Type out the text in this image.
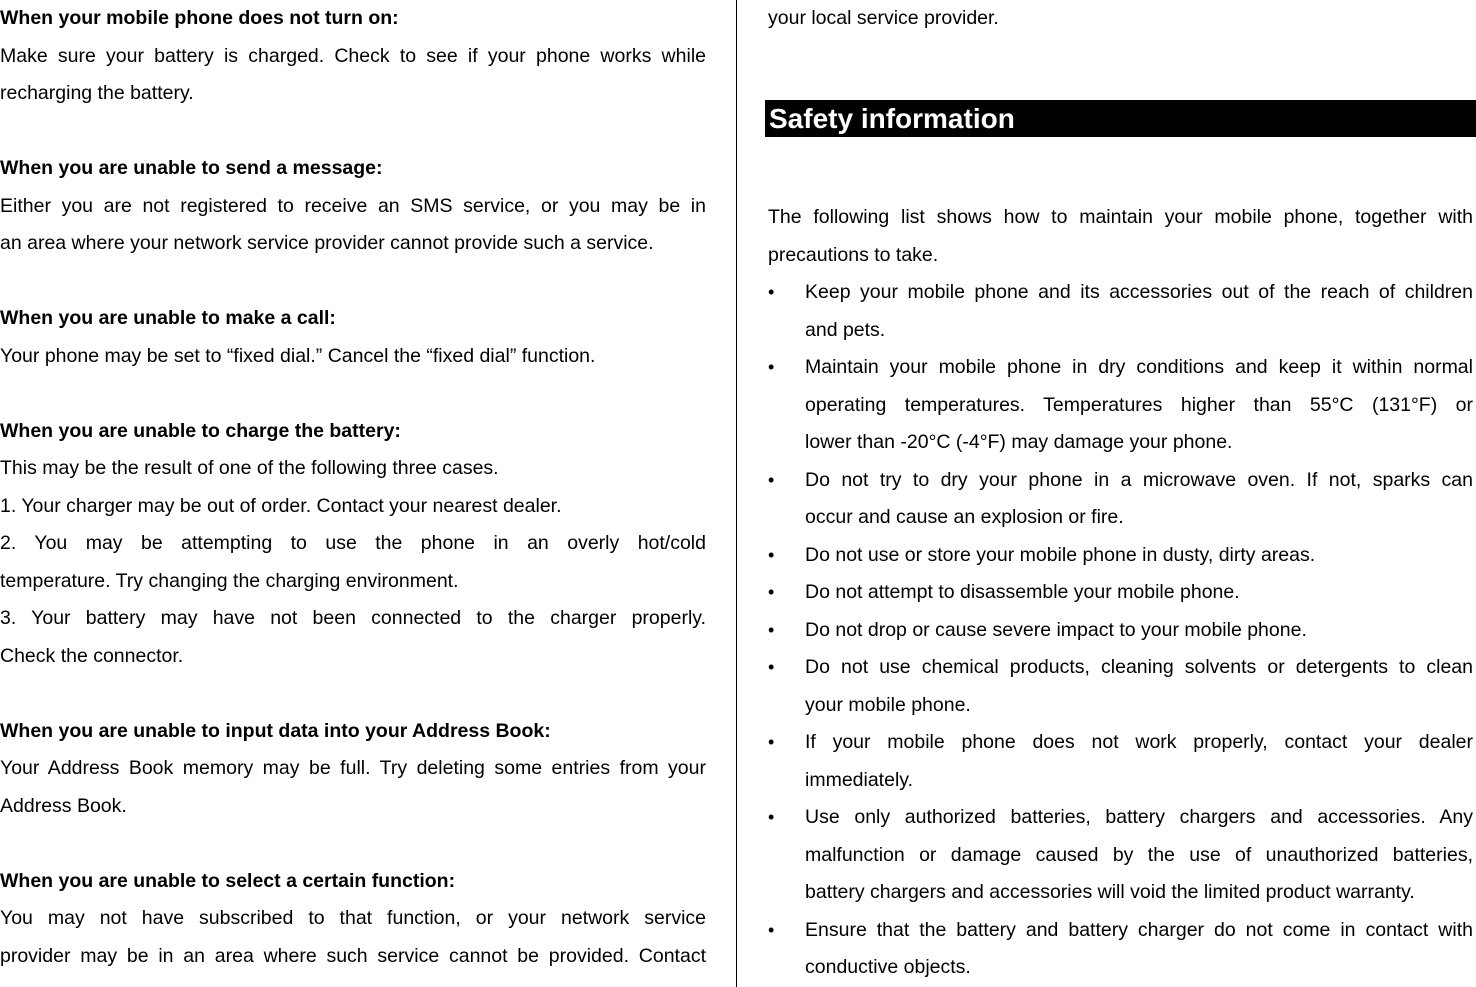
When your mobile phone does not turn on:
Make sure your battery is charged. Check to see if your phone works while
recharging the battery.
When you are unable to send a message:
Either you are not registered to receive an SMS service, or you may be in
an area where your network service provider cannot provide such a service.
When you are unable to make a call:
Your phone may be set to “fixed dial.” Cancel the “fixed dial” function.
When you are unable to charge the battery:
This may be the result of one of the following three cases.
1. Your charger may be out of order. Contact your nearest dealer.
2. You may be attempting to use the phone in an overly hot/cold
temperature. Try changing the charging environment.
3. Your battery may have not been connected to the charger properly.
Check the connector.
When you are unable to input data into your Address Book:
Your Address Book memory may be full. Try deleting some entries from your
Address Book.
When you are unable to select a certain function:
You may not have subscribed to that function, or your network service
provider may be in an area where such service cannot be provided. Contact
your local service provider.
Safety information
The following list shows how to maintain your mobile phone, together with
precautions to take.
• Keep your mobile phone and its accessories out of the reach of children
and pets.
• Maintain your mobile phone in dry conditions and keep it within normal
operating temperatures. Temperatures higher than 55°C (131°F) or
lower than -20°C (-4°F) may damage your phone.
• Do not try to dry your phone in a microwave oven. If not, sparks can
occur and cause an explosion or fire.
• Do not use or store your mobile phone in dusty, dirty areas.
• Do not attempt to disassemble your mobile phone.
• Do not drop or cause severe impact to your mobile phone.
• Do not use chemical products, cleaning solvents or detergents to clean
your mobile phone.
• If your mobile phone does not work properly, contact your dealer
immediately.
• Use only authorized batteries, battery chargers and accessories. Any
malfunction or damage caused by the use of unauthorized batteries,
battery chargers and accessories will void the limited product warranty.
• Ensure that the battery and battery charger do not come in contact with
conductive objects.
